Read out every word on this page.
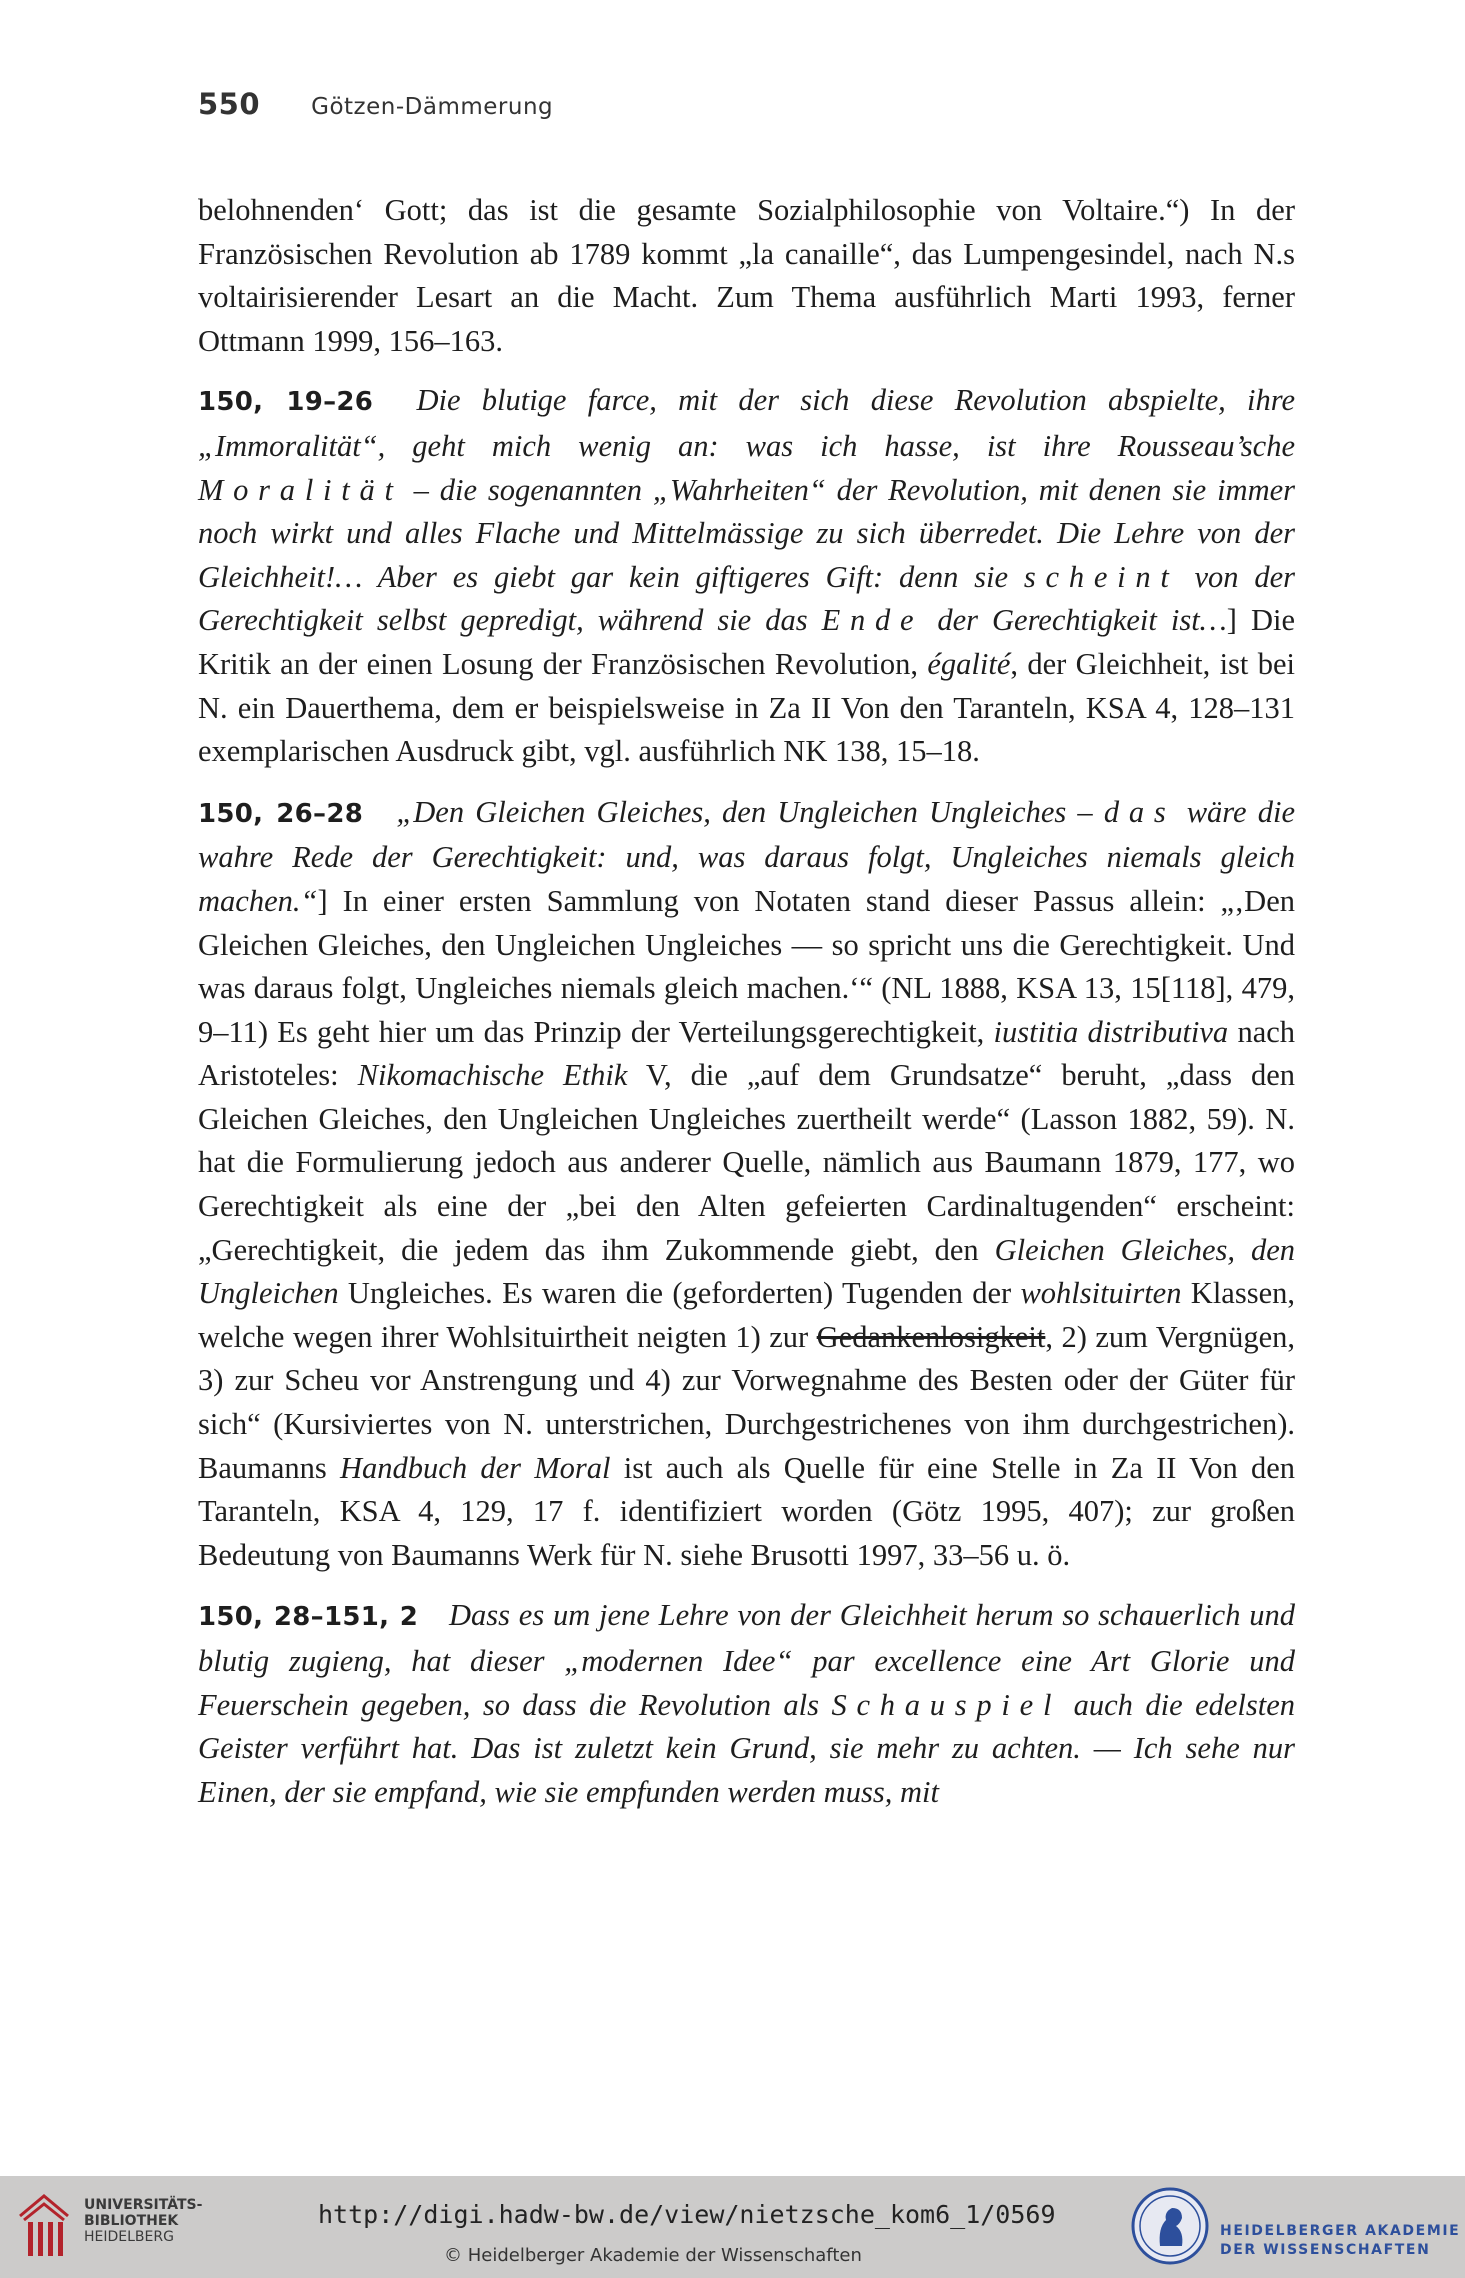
550 Götzen-Dämmerung

belohnenden‘ Gott; das ist die gesamte Sozialphilosophie von Voltaire.“) In der Französischen Revolution ab 1789 kommt „la canaille“, das Lumpengesindel, nach N.s voltairisierender Lesart an die Macht. Zum Thema ausführlich Marti 1993, ferner Ottmann 1999, 156–163.

150, 19–26 Die blutige farce, mit der sich diese Revolution abspielte, ihre „Immoralität“, geht mich wenig an: was ich hasse, ist ihre Rousseau’sche Moralität – die sogenannten „Wahrheiten“ der Revolution, mit denen sie immer noch wirkt und alles Flache und Mittelmässige zu sich überredet. Die Lehre von der Gleichheit!… Aber es giebt gar kein giftigeres Gift: denn sie scheint von der Gerechtigkeit selbst gepredigt, während sie das Ende der Gerechtigkeit ist…] Die Kritik an der einen Losung der Französischen Revolution, égalité, der Gleichheit, ist bei N. ein Dauerthema, dem er beispielsweise in Za II Von den Taranteln, KSA 4, 128–131 exemplarischen Ausdruck gibt, vgl. ausführlich NK 138, 15–18.

150, 26–28 „Den Gleichen Gleiches, den Ungleichen Ungleiches – das wäre die wahre Rede der Gerechtigkeit: und, was daraus folgt, Ungleiches niemals gleich machen.“] In einer ersten Sammlung von Notaten stand dieser Passus allein: „‚Den Gleichen Gleiches, den Ungleichen Ungleiches — so spricht uns die Gerechtigkeit. Und was daraus folgt, Ungleiches niemals gleich machen.‘“ (NL 1888, KSA 13, 15[118], 479, 9–11) Es geht hier um das Prinzip der Verteilungsgerechtigkeit, iustitia distributiva nach Aristoteles: Nikomachische Ethik V, die „auf dem Grundsatze“ beruht, „dass den Gleichen Gleiches, den Ungleichen Ungleiches zuertheilt werde“ (Lasson 1882, 59). N. hat die Formulierung jedoch aus anderer Quelle, nämlich aus Baumann 1879, 177, wo Gerechtigkeit als eine der „bei den Alten gefeierten Cardinaltugenden“ erscheint: „Gerechtigkeit, die jedem das ihm Zukommende giebt, den Gleichen Gleiches, den Ungleichen Ungleiches. Es waren die (geforderten) Tugenden der wohlsituirten Klassen, welche wegen ihrer Wohlsituirtheit neigten 1) zur Gedankenlosigkeit, 2) zum Vergnügen, 3) zur Scheu vor Anstrengung und 4) zur Vorwegnahme des Besten oder der Güter für sich“ (Kursiviertes von N. unterstrichen, Durchgestrichenes von ihm durchgestrichen). Baumanns Handbuch der Moral ist auch als Quelle für eine Stelle in Za II Von den Taranteln, KSA 4, 129, 17 f. identifiziert worden (Götz 1995, 407); zur großen Bedeutung von Baumanns Werk für N. siehe Brusotti 1997, 33–56 u. ö.

150, 28–151, 2 Dass es um jene Lehre von der Gleichheit herum so schauerlich und blutig zugieng, hat dieser „modernen Idee“ par excellence eine Art Glorie und Feuerschein gegeben, so dass die Revolution als Schauspiel auch die edelsten Geister verführt hat. Das ist zuletzt kein Grund, sie mehr zu achten. — Ich sehe nur Einen, der sie empfand, wie sie empfunden werden muss, mit

UNIVERSITÄTS-
BIBLIOTHEK
HEIDELBERG
http://digi.hadw-bw.de/view/nietzsche_kom6_1/0569
© Heidelberger Akademie der Wissenschaften
HEIDELBERGER AKADEMIE
DER WISSENSCHAFTEN
